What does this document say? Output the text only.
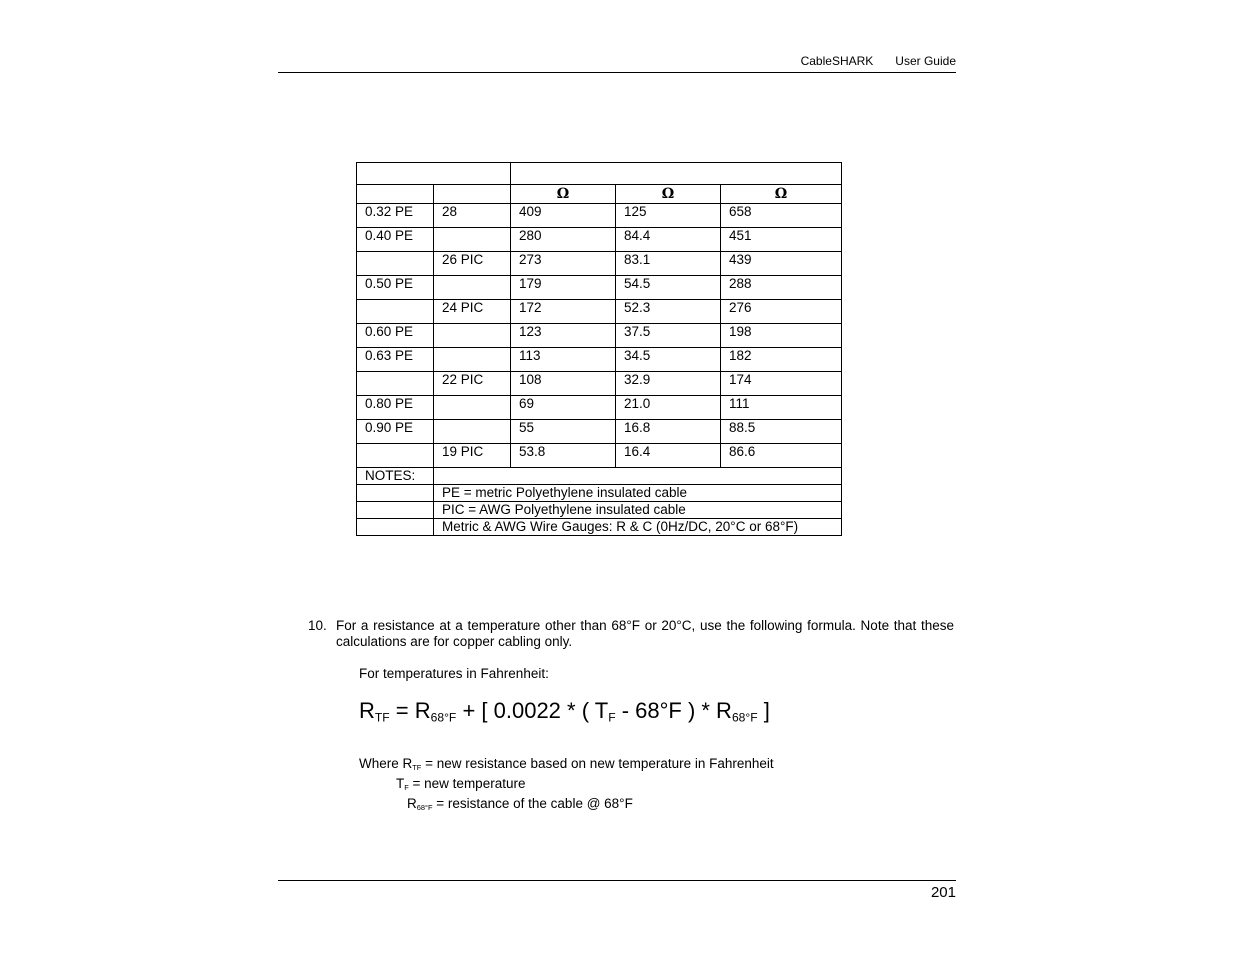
CableSHARK User Guide

		Ω	Ω	Ω
0.32 PE	28	409	125	658
0.40 PE		280	84.4	451
	26 PIC	273	83.1	439
0.50 PE		179	54.5	288
	24 PIC	172	52.3	276
0.60 PE		123	37.5	198
0.63 PE		113	34.5	182
	22 PIC	108	32.9	174
0.80 PE		69	21.0	111
0.90 PE		55	16.8	88.5
	19 PIC	53.8	16.4	86.6
NOTES:				
	PE = metric Polyethylene insulated cable			
	PIC = AWG Polyethylene insulated cable			
	Metric & AWG Wire Gauges: R & C (0Hz/DC, 20°C or 68°F)			
10. For a resistance at a temperature other than 68°F or 20°C, use the following formula. Note that these calculations are for copper cabling only.
For temperatures in Fahrenheit:
$R_{TF} = R_{68^\circ F}$ + [ 0.0022 * ( $T_F - 68^\circ F$ ) * $R_{68^\circ F}$ ]
Where $R_{TF}$ = new resistance based on new temperature in Fahrenheit
$T_F$ = new temperature
$R_{68^\circ F}$ = resistance of the cable @ 68°F
201
